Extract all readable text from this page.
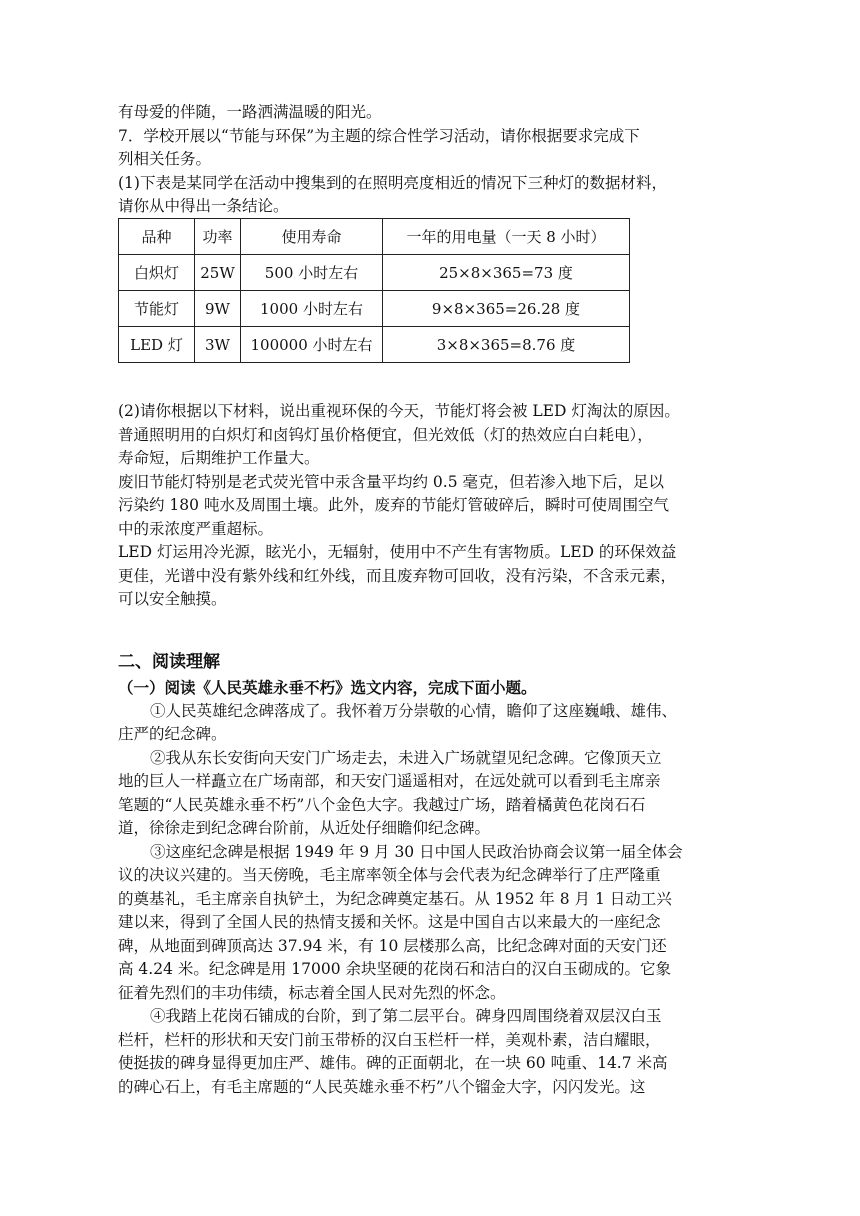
有母爱的伴随，一路洒满温暖的阳光。
7．学校开展以“节能与环保”为主题的综合性学习活动，请你根据要求完成下
列相关任务。
(1)下表是某同学在活动中搜集到的在照明亮度相近的情况下三种灯的数据材料，
请你从中得出一条结论。
品种	功率	使用寿命	一年的用电量（一天 8 小时）
白炽灯	25W	500 小时左右	25×8×365=73 度
节能灯	9W	1000 小时左右	9×8×365=26.28 度
LED 灯	3W	100000 小时左右	3×8×365=8.76 度
(2)请你根据以下材料，说出重视环保的今天，节能灯将会被 LED 灯淘汰的原因。
普通照明用的白炽灯和卤钨灯虽价格便宜，但光效低（灯的热效应白白耗电），
寿命短，后期维护工作量大。
废旧节能灯特别是老式荧光管中汞含量平均约 0.5 毫克，但若渗入地下后，足以
污染约 180 吨水及周围土壤。此外，废弃的节能灯管破碎后，瞬时可使周围空气
中的汞浓度严重超标。
LED 灯运用冷光源，眩光小，无辐射，使用中不产生有害物质。LED 的环保效益
更佳，光谱中没有紫外线和红外线，而且废弃物可回收，没有污染，不含汞元素，
可以安全触摸。
二、阅读理解
（一）阅读《人民英雄永垂不朽》选文内容，完成下面小题。
①人民英雄纪念碑落成了。我怀着万分崇敬的心情，瞻仰了这座巍峨、雄伟、
庄严的纪念碑。
②我从东长安街向天安门广场走去，未进入广场就望见纪念碑。它像顶天立
地的巨人一样矗立在广场南部，和天安门遥遥相对，在远处就可以看到毛主席亲
笔题的“人民英雄永垂不朽”八个金色大字。我越过广场，踏着橘黄色花岗石石
道，徐徐走到纪念碑台阶前，从近处仔细瞻仰纪念碑。
③这座纪念碑是根据 1949 年 9 月 30 日中国人民政治协商会议第一届全体会
议的决议兴建的。当天傍晚，毛主席率领全体与会代表为纪念碑举行了庄严隆重
的奠基礼，毛主席亲自执铲土，为纪念碑奠定基石。从 1952 年 8 月 1 日动工兴
建以来，得到了全国人民的热情支援和关怀。这是中国自古以来最大的一座纪念
碑，从地面到碑顶高达 37.94 米，有 10 层楼那么高，比纪念碑对面的天安门还
高 4.24 米。纪念碑是用 17000 余块坚硬的花岗石和洁白的汉白玉砌成的。它象
征着先烈们的丰功伟绩，标志着全国人民对先烈的怀念。
④我踏上花岗石铺成的台阶，到了第二层平台。碑身四周围绕着双层汉白玉
栏杆，栏杆的形状和天安门前玉带桥的汉白玉栏杆一样，美观朴素，洁白耀眼，
使挺拔的碑身显得更加庄严、雄伟。碑的正面朝北，在一块 60 吨重、14.7 米高
的碑心石上，有毛主席题的“人民英雄永垂不朽”八个镏金大字，闪闪发光。这
